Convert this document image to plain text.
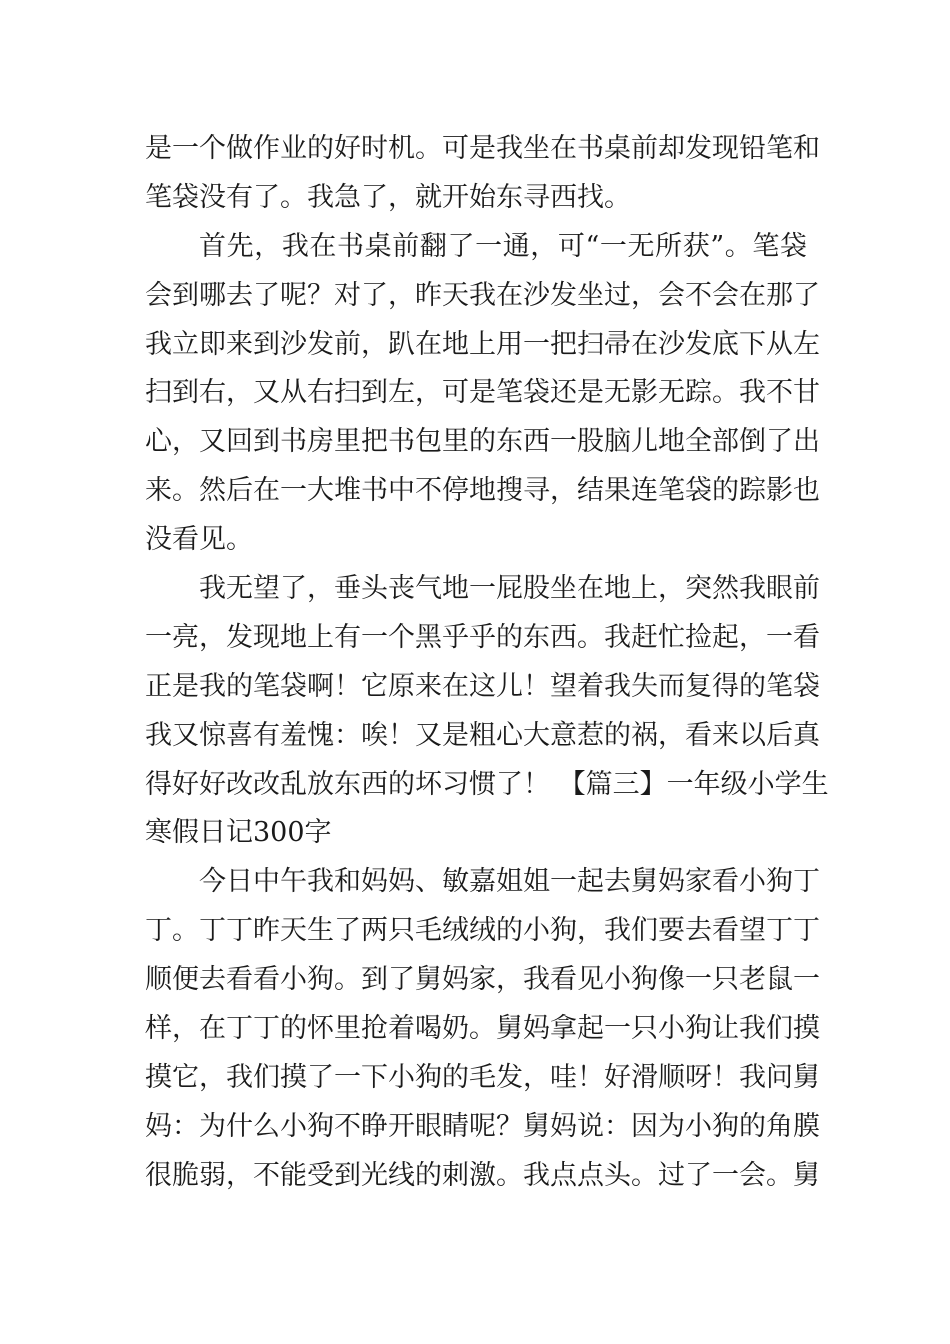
是一个做作业的好时机。可是我坐在书桌前却发现铅笔和
笔袋没有了。我急了，就开始东寻西找。
首先，我在书桌前翻了一通，可“一无所获”。笔袋
会到哪去了呢？对了，昨天我在沙发坐过，会不会在那了
我立即来到沙发前，趴在地上用一把扫帚在沙发底下从左
扫到右，又从右扫到左，可是笔袋还是无影无踪。我不甘
心，又回到书房里把书包里的东西一股脑儿地全部倒了出
来。然后在一大堆书中不停地搜寻，结果连笔袋的踪影也
没看见。
我无望了，垂头丧气地一屁股坐在地上，突然我眼前
一亮，发现地上有一个黑乎乎的东西。我赶忙捡起，一看
正是我的笔袋啊！它原来在这儿！望着我失而复得的笔袋
我又惊喜有羞愧：唉！又是粗心大意惹的祸，看来以后真
得好好改改乱放东西的坏习惯了！ 【篇三】一年级小学生
寒假日记300字
今日中午我和妈妈、敏嘉姐姐一起去舅妈家看小狗丁
丁。丁丁昨天生了两只毛绒绒的小狗，我们要去看望丁丁
顺便去看看小狗。到了舅妈家，我看见小狗像一只老鼠一
样，在丁丁的怀里抢着喝奶。舅妈拿起一只小狗让我们摸
摸它，我们摸了一下小狗的毛发，哇！好滑顺呀！我问舅
妈：为什么小狗不睁开眼睛呢？舅妈说：因为小狗的角膜
很脆弱，不能受到光线的刺激。我点点头。过了一会。舅
